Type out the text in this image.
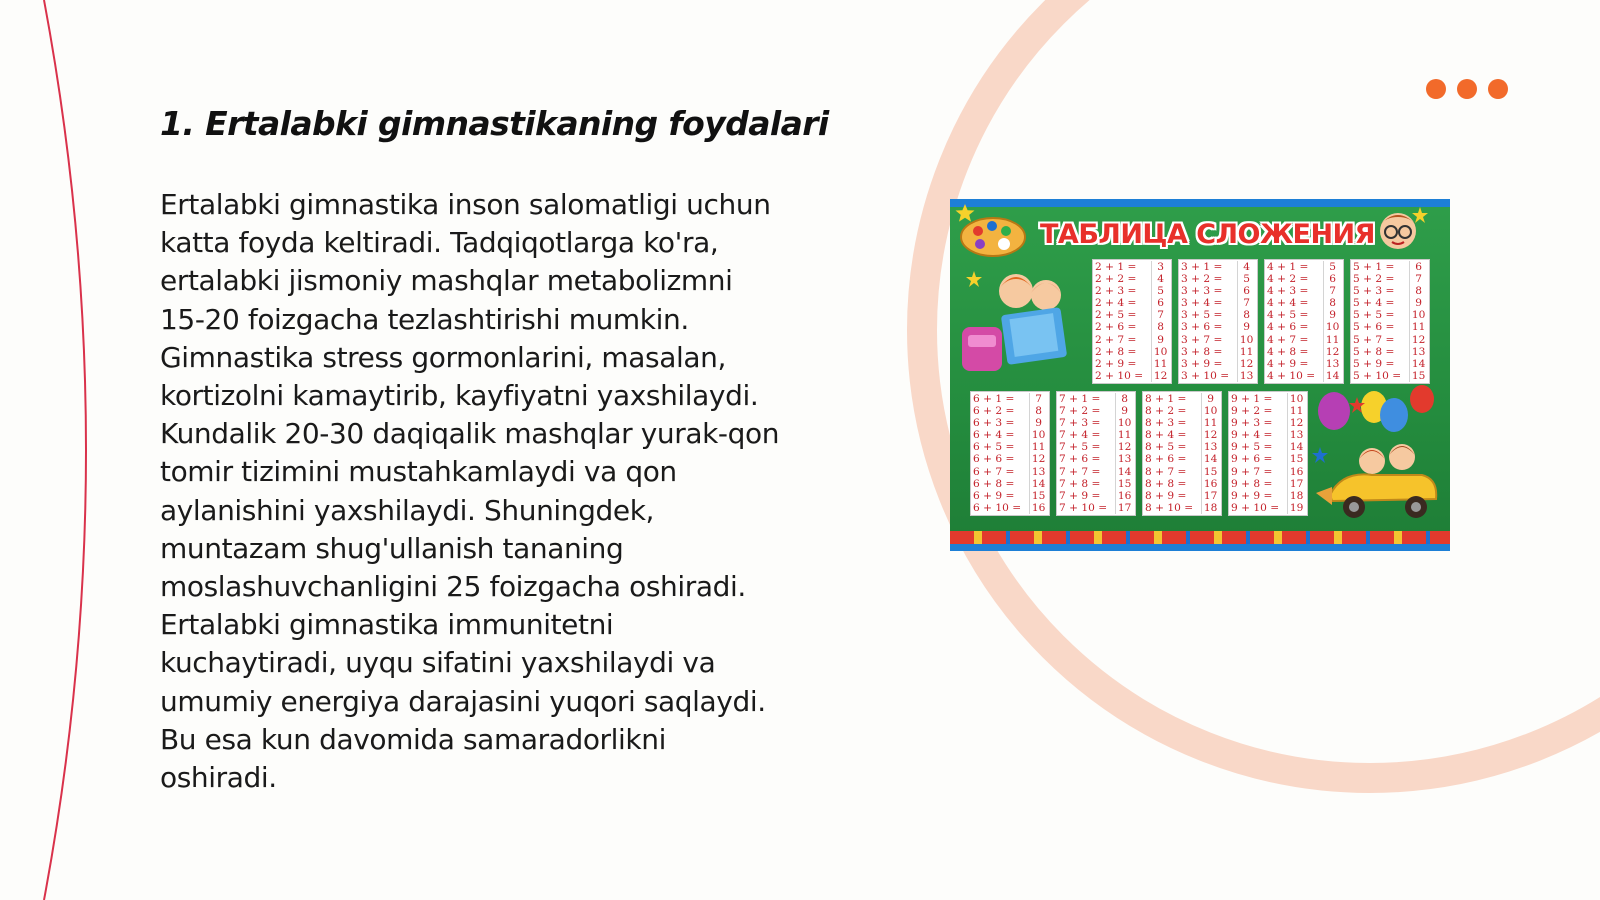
1. Ertalabki gimnastikaning foydalari
Ertalabki gimnastika inson salomatligi uchun
katta foyda keltiradi. Tadqiqotlarga ko'ra,
ertalabki jismoniy mashqlar metabolizmni
15-20 foizgacha tezlashtirishi mumkin.
Gimnastika stress gormonlarini, masalan,
kortizolni kamaytirib, kayfiyatni yaxshilaydi.
Kundalik 20-30 daqiqalik mashqlar yurak-qon
tomir tizimini mustahkamlaydi va qon
aylanishini yaxshilaydi. Shuningdek,
muntazam shug'ullanish tananing
moslashuvchanligini 25 foizgacha oshiradi.
Ertalabki gimnastika immunitetni
kuchaytiradi, uyqu sifatini yaxshilaydi va
umumiy energiya darajasini yuqori saqlaydi.
Bu esa kun davomida samaradorlikni
oshiradi.
ТАБЛИЦА СЛОЖЕНИЯ
2 + 1 =	3
2 + 2 =	4
2 + 3 =	5
2 + 4 =	6
2 + 5 =	7
2 + 6 =	8
2 + 7 =	9
2 + 8 =	10
2 + 9 =	11
2 + 10 =	12
3 + 1 =	4
3 + 2 =	5
3 + 3 =	6
3 + 4 =	7
3 + 5 =	8
3 + 6 =	9
3 + 7 =	10
3 + 8 =	11
3 + 9 =	12
3 + 10 =	13
4 + 1 =	5
4 + 2 =	6
4 + 3 =	7
4 + 4 =	8
4 + 5 =	9
4 + 6 =	10
4 + 7 =	11
4 + 8 =	12
4 + 9 =	13
4 + 10 =	14
5 + 1 =	6
5 + 2 =	7
5 + 3 =	8
5 + 4 =	9
5 + 5 =	10
5 + 6 =	11
5 + 7 =	12
5 + 8 =	13
5 + 9 =	14
5 + 10 =	15
6 + 1 =	7
6 + 2 =	8
6 + 3 =	9
6 + 4 =	10
6 + 5 =	11
6 + 6 =	12
6 + 7 =	13
6 + 8 =	14
6 + 9 =	15
6 + 10 =	16
7 + 1 =	8
7 + 2 =	9
7 + 3 =	10
7 + 4 =	11
7 + 5 =	12
7 + 6 =	13
7 + 7 =	14
7 + 8 =	15
7 + 9 =	16
7 + 10 =	17
8 + 1 =	9
8 + 2 =	10
8 + 3 =	11
8 + 4 =	12
8 + 5 =	13
8 + 6 =	14
8 + 7 =	15
8 + 8 =	16
8 + 9 =	17
8 + 10 =	18
9 + 1 =	10
9 + 2 =	11
9 + 3 =	12
9 + 4 =	13
9 + 5 =	14
9 + 6 =	15
9 + 7 =	16
9 + 8 =	17
9 + 9 =	18
9 + 10 =	19
